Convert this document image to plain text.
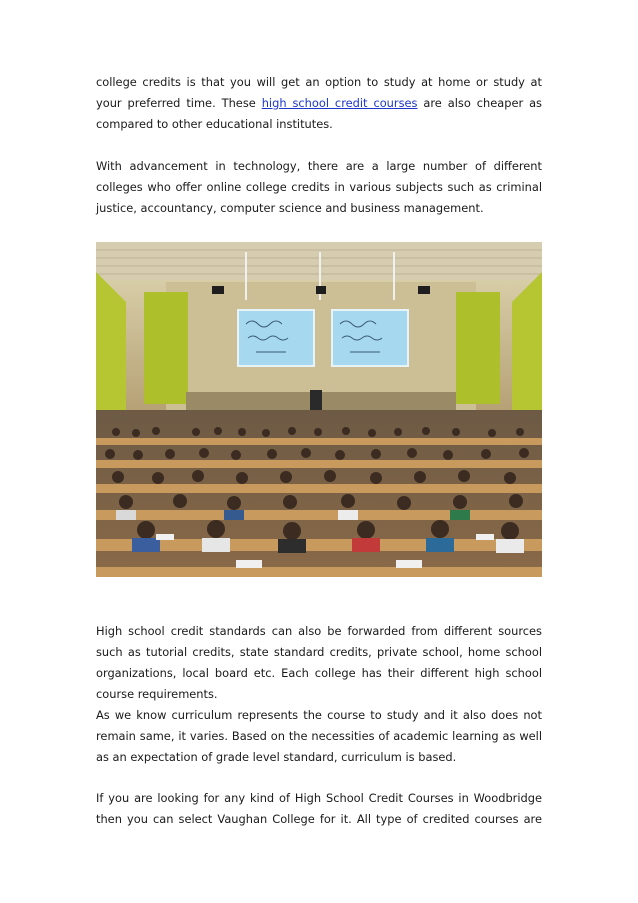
college credits is that you will get an option to study at home or study at

your preferred time. These high school credit courses are also cheaper as

compared to other educational institutes.

With advancement in technology, there are a large number of different colleges who offer online college credits in various subjects such as criminal justice, accountancy, computer science and business management.

High school credit standards can also be forwarded from different sources such as tutorial credits, state standard credits, private school, home school organizations, local board etc. Each college has their different high school course requirements.

As we know curriculum represents the course to study and it also does not remain same, it varies. Based on the necessities of academic learning as well as an expectation of grade level standard, curriculum is based.

If you are looking for any kind of High School Credit Courses in Woodbridge then you can select Vaughan College for it. All type of credited courses are
